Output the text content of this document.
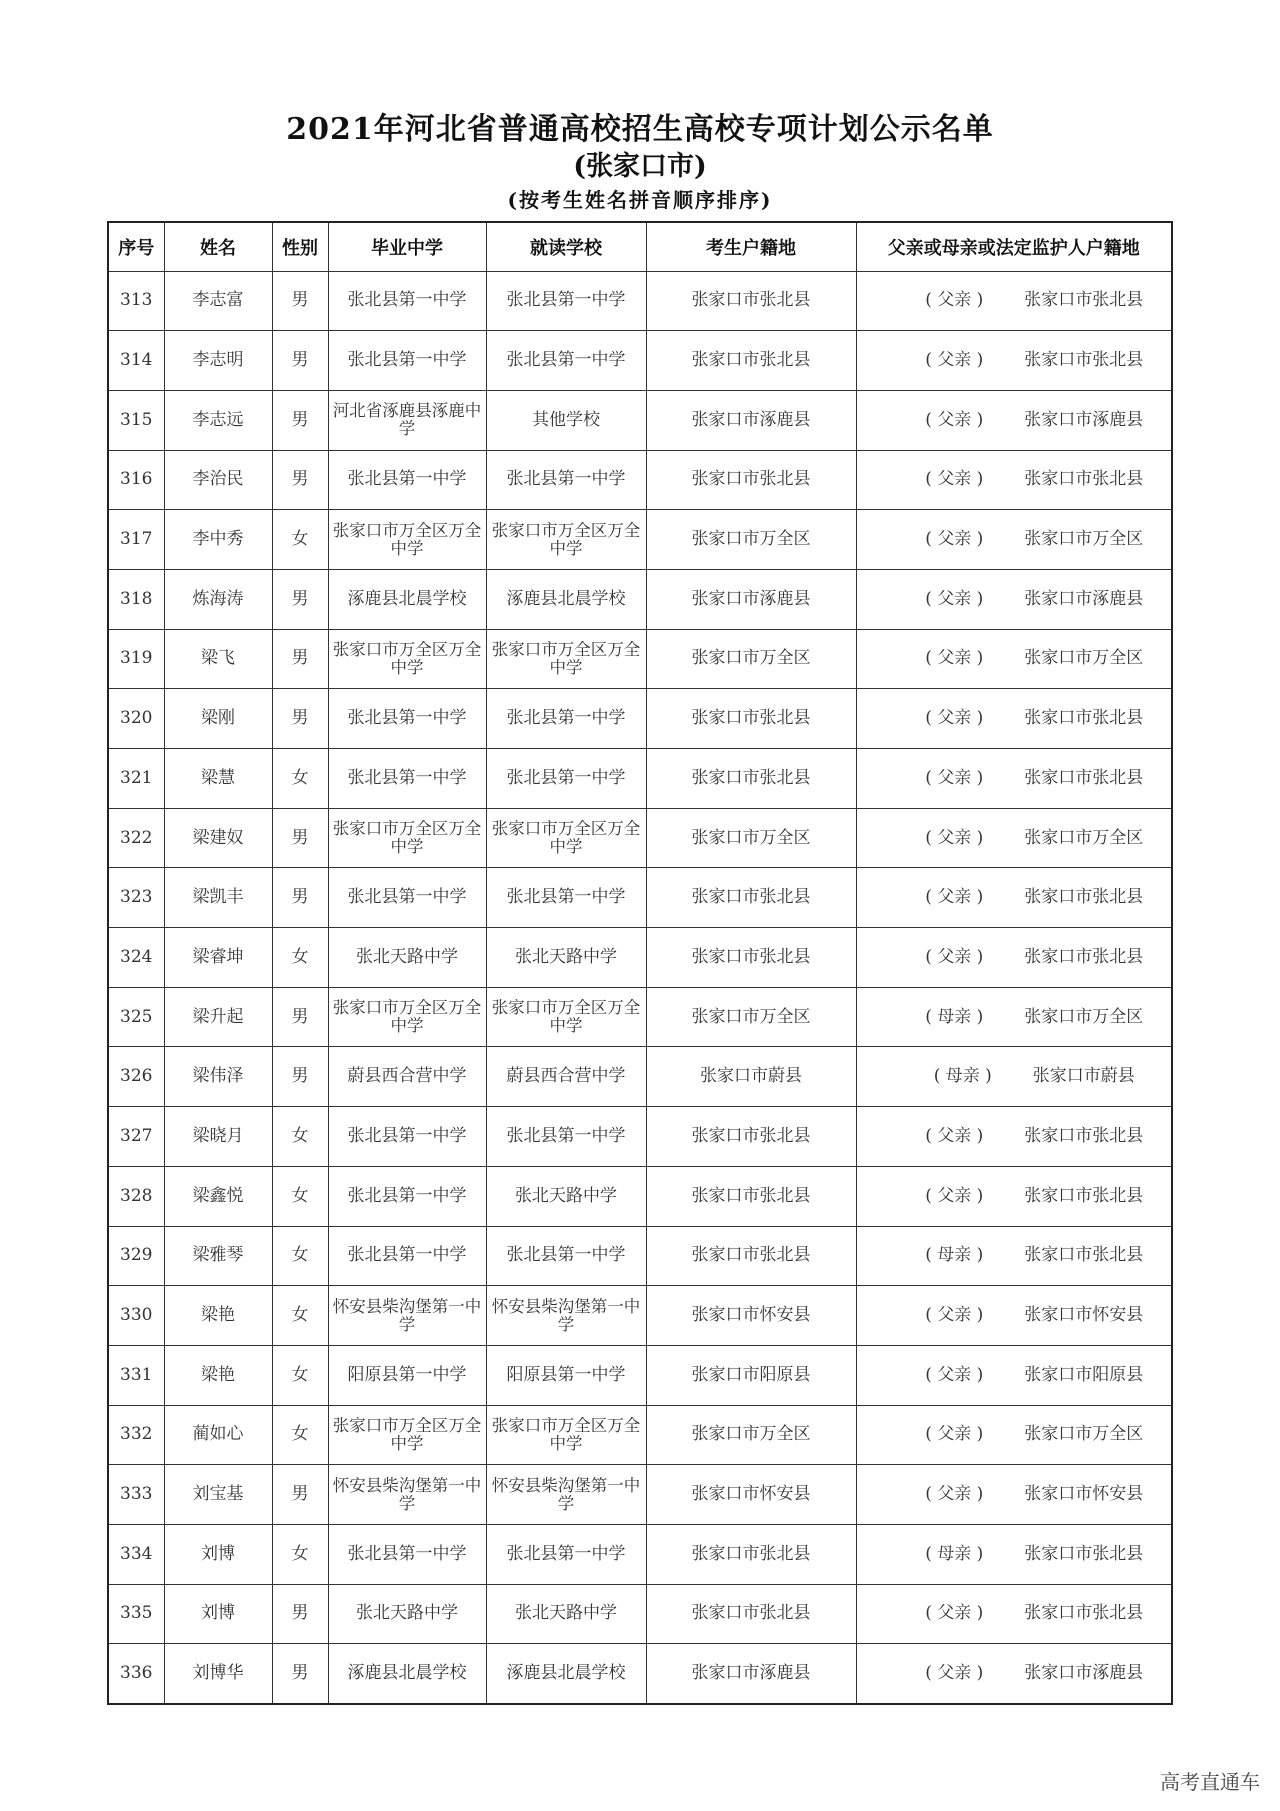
2021年河北省普通高校招生高校专项计划公示名单
(张家口市)
(按考生姓名拼音顺序排序)
序号	姓名	性别	毕业中学	就读学校	考生户籍地	父亲或母亲或法定监护人户籍地
313	李志富	男	张北县第一中学	张北县第一中学	张家口市张北县	( 父亲 ) 张家口市张北县
314	李志明	男	张北县第一中学	张北县第一中学	张家口市张北县	( 父亲 ) 张家口市张北县
315	李志远	男	河北省涿鹿县涿鹿中学	其他学校	张家口市涿鹿县	( 父亲 ) 张家口市涿鹿县
316	李治民	男	张北县第一中学	张北县第一中学	张家口市张北县	( 父亲 ) 张家口市张北县
317	李中秀	女	张家口市万全区万全中学	张家口市万全区万全中学	张家口市万全区	( 父亲 ) 张家口市万全区
318	炼海涛	男	涿鹿县北晨学校	涿鹿县北晨学校	张家口市涿鹿县	( 父亲 ) 张家口市涿鹿县
319	梁飞	男	张家口市万全区万全中学	张家口市万全区万全中学	张家口市万全区	( 父亲 ) 张家口市万全区
320	梁刚	男	张北县第一中学	张北县第一中学	张家口市张北县	( 父亲 ) 张家口市张北县
321	梁慧	女	张北县第一中学	张北县第一中学	张家口市张北县	( 父亲 ) 张家口市张北县
322	梁建奴	男	张家口市万全区万全中学	张家口市万全区万全中学	张家口市万全区	( 父亲 ) 张家口市万全区
323	梁凯丰	男	张北县第一中学	张北县第一中学	张家口市张北县	( 父亲 ) 张家口市张北县
324	梁睿坤	女	张北天路中学	张北天路中学	张家口市张北县	( 父亲 ) 张家口市张北县
325	梁升起	男	张家口市万全区万全中学	张家口市万全区万全中学	张家口市万全区	( 母亲 ) 张家口市万全区
326	梁伟泽	男	蔚县西合营中学	蔚县西合营中学	张家口市蔚县	( 母亲 ) 张家口市蔚县
327	梁晓月	女	张北县第一中学	张北县第一中学	张家口市张北县	( 父亲 ) 张家口市张北县
328	梁鑫悦	女	张北县第一中学	张北天路中学	张家口市张北县	( 父亲 ) 张家口市张北县
329	梁雅琴	女	张北县第一中学	张北县第一中学	张家口市张北县	( 母亲 ) 张家口市张北县
330	梁艳	女	怀安县柴沟堡第一中学	怀安县柴沟堡第一中学	张家口市怀安县	( 父亲 ) 张家口市怀安县
331	梁艳	女	阳原县第一中学	阳原县第一中学	张家口市阳原县	( 父亲 ) 张家口市阳原县
332	蔺如心	女	张家口市万全区万全中学	张家口市万全区万全中学	张家口市万全区	( 父亲 ) 张家口市万全区
333	刘宝基	男	怀安县柴沟堡第一中学	怀安县柴沟堡第一中学	张家口市怀安县	( 父亲 ) 张家口市怀安县
334	刘博	女	张北县第一中学	张北县第一中学	张家口市张北县	( 母亲 ) 张家口市张北县
335	刘博	男	张北天路中学	张北天路中学	张家口市张北县	( 父亲 ) 张家口市张北县
336	刘博华	男	涿鹿县北晨学校	涿鹿县北晨学校	张家口市涿鹿县	( 父亲 ) 张家口市涿鹿县
高考直通车
